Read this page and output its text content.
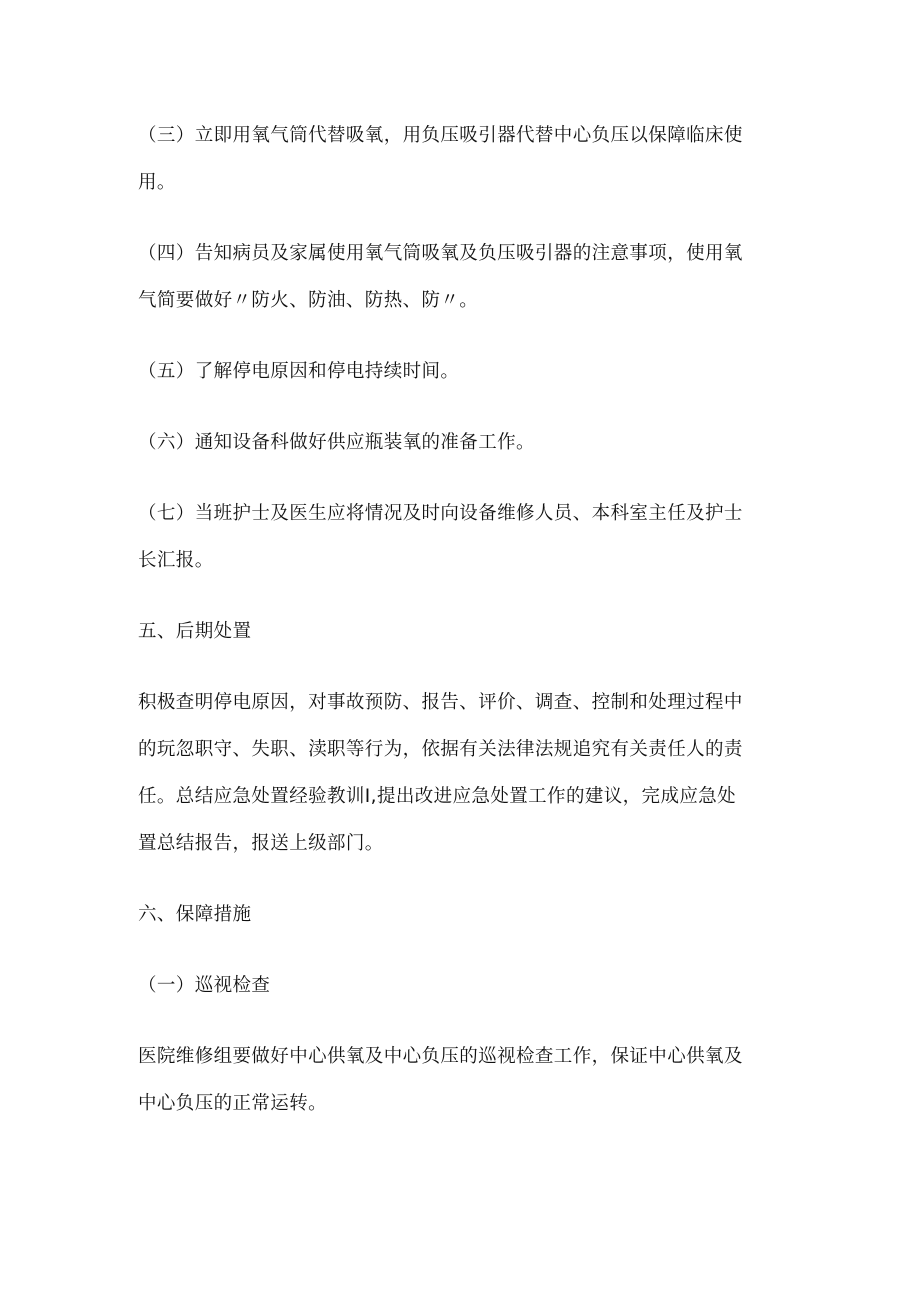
（三）立即用氧气筒代替吸氧，用负压吸引器代替中心负压以保障临床使
用。
（四）告知病员及家属使用氧气筒吸氧及负压吸引器的注意事项，使用氧
气简要做好〃防火、防油、防热、防〃。
（五）了解停电原因和停电持续时间。
（六）通知设备科做好供应瓶装氧的准备工作。
（七）当班护士及医生应将情况及时向设备维修人员、本科室主任及护士
长汇报。
五、后期处置
积极查明停电原因，对事故预防、报告、评价、调查、控制和处理过程中
的玩忽职守、失职、渎职等行为，依据有关法律法规追究有关责任人的责
任。总结应急处置经验教训I,提出改进应急处置工作的建议，完成应急处
置总结报告，报送上级部门。
六、保障措施
（一）巡视检查
医院维修组要做好中心供氧及中心负压的巡视检查工作，保证中心供氧及
中心负压的正常运转。
